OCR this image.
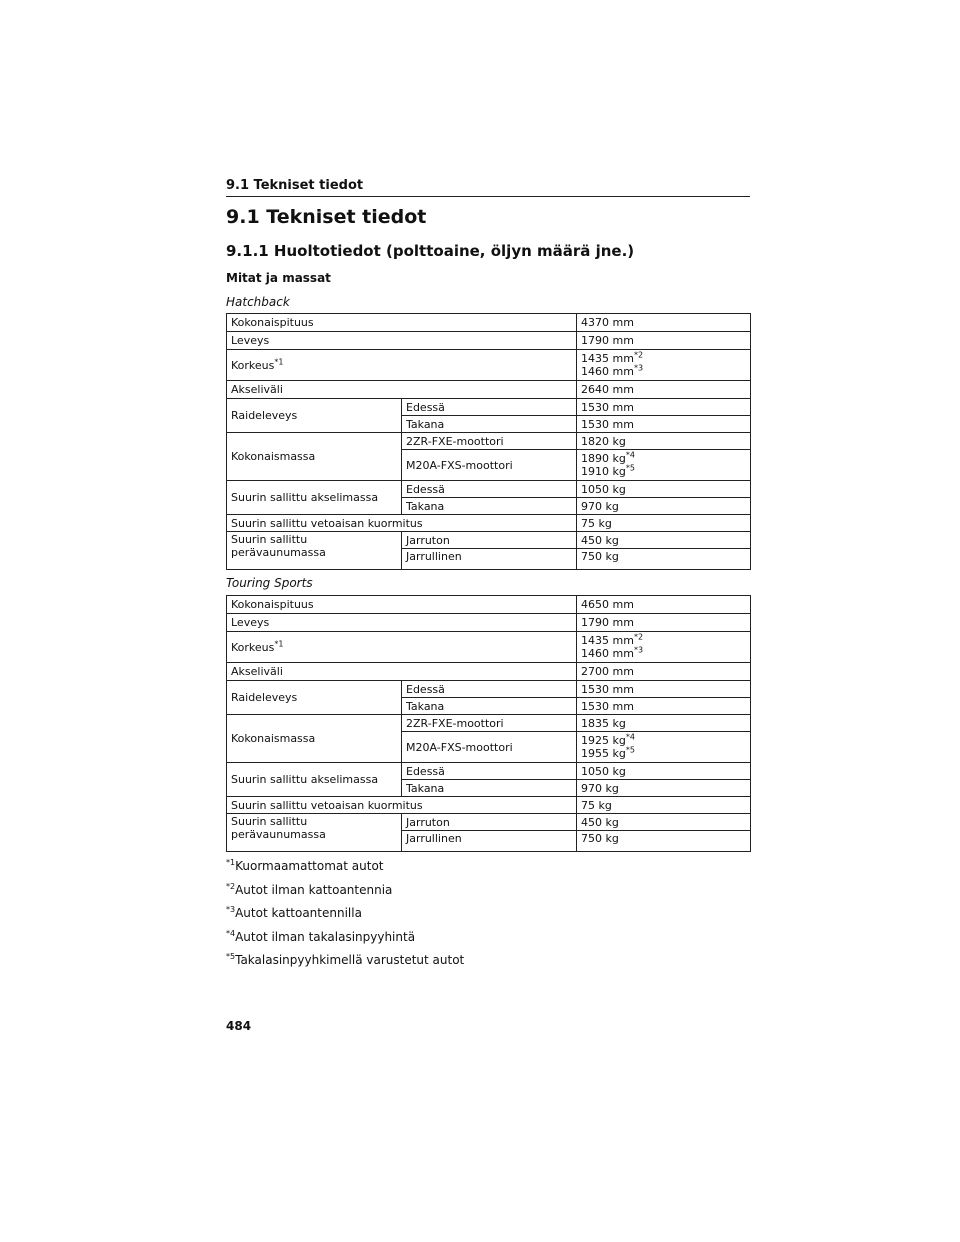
9.1 Tekniset tiedot
9.1 Tekniset tiedot
9.1.1 Huoltotiedot (polttoaine, öljyn määrä jne.)
Mitat ja massat
Hatchback
Kokonaispituus		4370 mm
Leveys		1790 mm
Korkeus$^{*1}$		1435 $mm^{*2}$
1460 $mm^{*3}$
Akseliväli		2640 mm
Raideleveys	Edessä	1530 mm
	Takana	1530 mm
Kokonaismassa	2ZR-FXE-moottori	1820 kg
	M20A-FXS-moottori	1890 $kg^{*4}$
1910 $kg^{*5}$
Suurin sallittu akselimassa	Edessä	1050 kg
	Takana	970 kg
Suurin sallittu vetoaisan kuormitus		75 kg
Suurin sallittu perävaunumassa	Jarruton	450 kg
	Jarrullinen	750 kg
Touring Sports
Kokonaispituus		4650 mm
Leveys		1790 mm
Korkeus$^{*1}$		1435 $mm^{*2}$
1460 $mm^{*3}$
Akseliväli		2700 mm
Raideleveys	Edessä	1530 mm
	Takana	1530 mm
Kokonaismassa	2ZR-FXE-moottori	1835 kg
	M20A-FXS-moottori	1925 $kg^{*4}$
1955 $kg^{*5}$
Suurin sallittu akselimassa	Edessä	1050 kg
	Takana	970 kg
Suurin sallittu vetoaisan kuormitus		75 kg
Suurin sallittu perävaunumassa	Jarruton	450 kg
	Jarrullinen	750 kg
$^{*1}$Kuormaamattomat autot
$^{*2}$Autot ilman kattoantennia
$^{*3}$Autot kattoantennilla
$^{*4}$Autot ilman takalasinpyyhintä
$^{*5}$Takalasinpyyhkimellä varustetut autot
484
